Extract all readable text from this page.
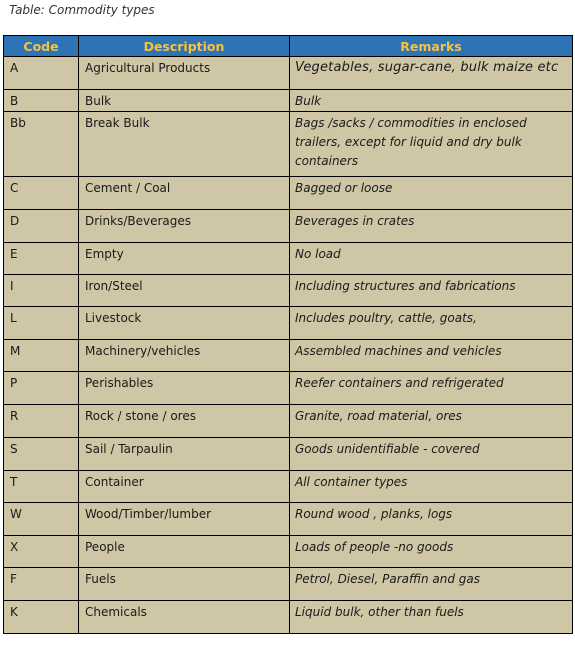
Table: Commodity types
Code	Description	Remarks
A	Agricultural Products	Vegetables, sugar-cane, bulk maize etc
B	Bulk	Bulk
Bb	Break Bulk	Bags /sacks / commodities in enclosed trailers, except for liquid and dry bulk containers
C	Cement / Coal	Bagged or loose
D	Drinks/Beverages	Beverages in crates
E	Empty	No load
I	Iron/Steel	Including structures and fabrications
L	Livestock	Includes poultry, cattle, goats,
M	Machinery/vehicles	Assembled machines and vehicles
P	Perishables	Reefer containers and refrigerated
R	Rock / stone / ores	Granite, road material, ores
S	Sail / Tarpaulin	Goods unidentifiable - covered
T	Container	All container types
W	Wood/Timber/lumber	Round wood , planks, logs
X	People	Loads of people -no goods
F	Fuels	Petrol, Diesel, Paraffin and gas
K	Chemicals	Liquid bulk, other than fuels
